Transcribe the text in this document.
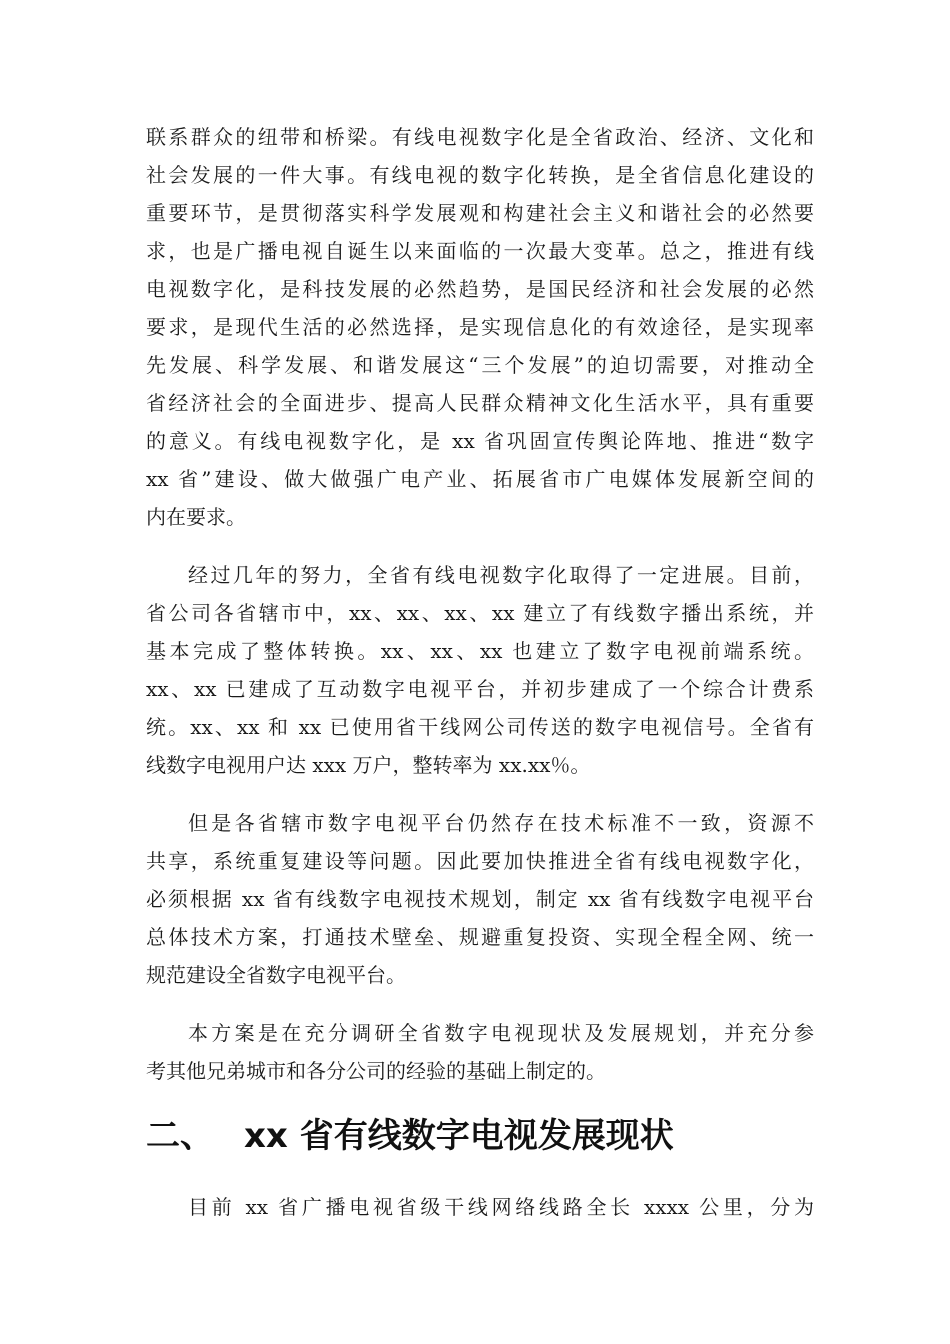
联系群众的纽带和桥梁。有线电视数字化是全省政治、经济、文化和
社会发展的一件大事。有线电视的数字化转换，是全省信息化建设的
重要环节，是贯彻落实科学发展观和构建社会主义和谐社会的必然要
求，也是广播电视自诞生以来面临的一次最大变革。总之，推进有线
电视数字化，是科技发展的必然趋势，是国民经济和社会发展的必然
要求，是现代生活的必然选择，是实现信息化的有效途径，是实现率
先发展、科学发展、和谐发展这“三个发展”的迫切需要，对推动全
省经济社会的全面进步、提高人民群众精神文化生活水平，具有重要
的意义。有线电视数字化，是 xx 省巩固宣传舆论阵地、推进“数字
xx 省”建设、做大做强广电产业、拓展省市广电媒体发展新空间的
内在要求。

经过几年的努力，全省有线电视数字化取得了一定进展。目前，
省公司各省辖市中，xx、xx、xx、xx 建立了有线数字播出系统，并
基本完成了整体转换。xx、xx、xx 也建立了数字电视前端系统。
xx、xx 已建成了互动数字电视平台，并初步建成了一个综合计费系
统。xx、xx 和 xx 已使用省干线网公司传送的数字电视信号。全省有
线数字电视用户达 xxx 万户，整转率为 xx.xx％。

但是各省辖市数字电视平台仍然存在技术标准不一致，资源不
共享，系统重复建设等问题。因此要加快推进全省有线电视数字化，
必须根据 xx 省有线数字电视技术规划，制定 xx 省有线数字电视平台
总体技术方案，打通技术壁垒、规避重复投资、实现全程全网、统一
规范建设全省数字电视平台。

本方案是在充分调研全省数字电视现状及发展规划，并充分参
考其他兄弟城市和各分公司的经验的基础上制定的。

二、 xx 省有线数字电视发展现状
目前 xx 省广播电视省级干线网络线路全长 xxxx 公里，分为
